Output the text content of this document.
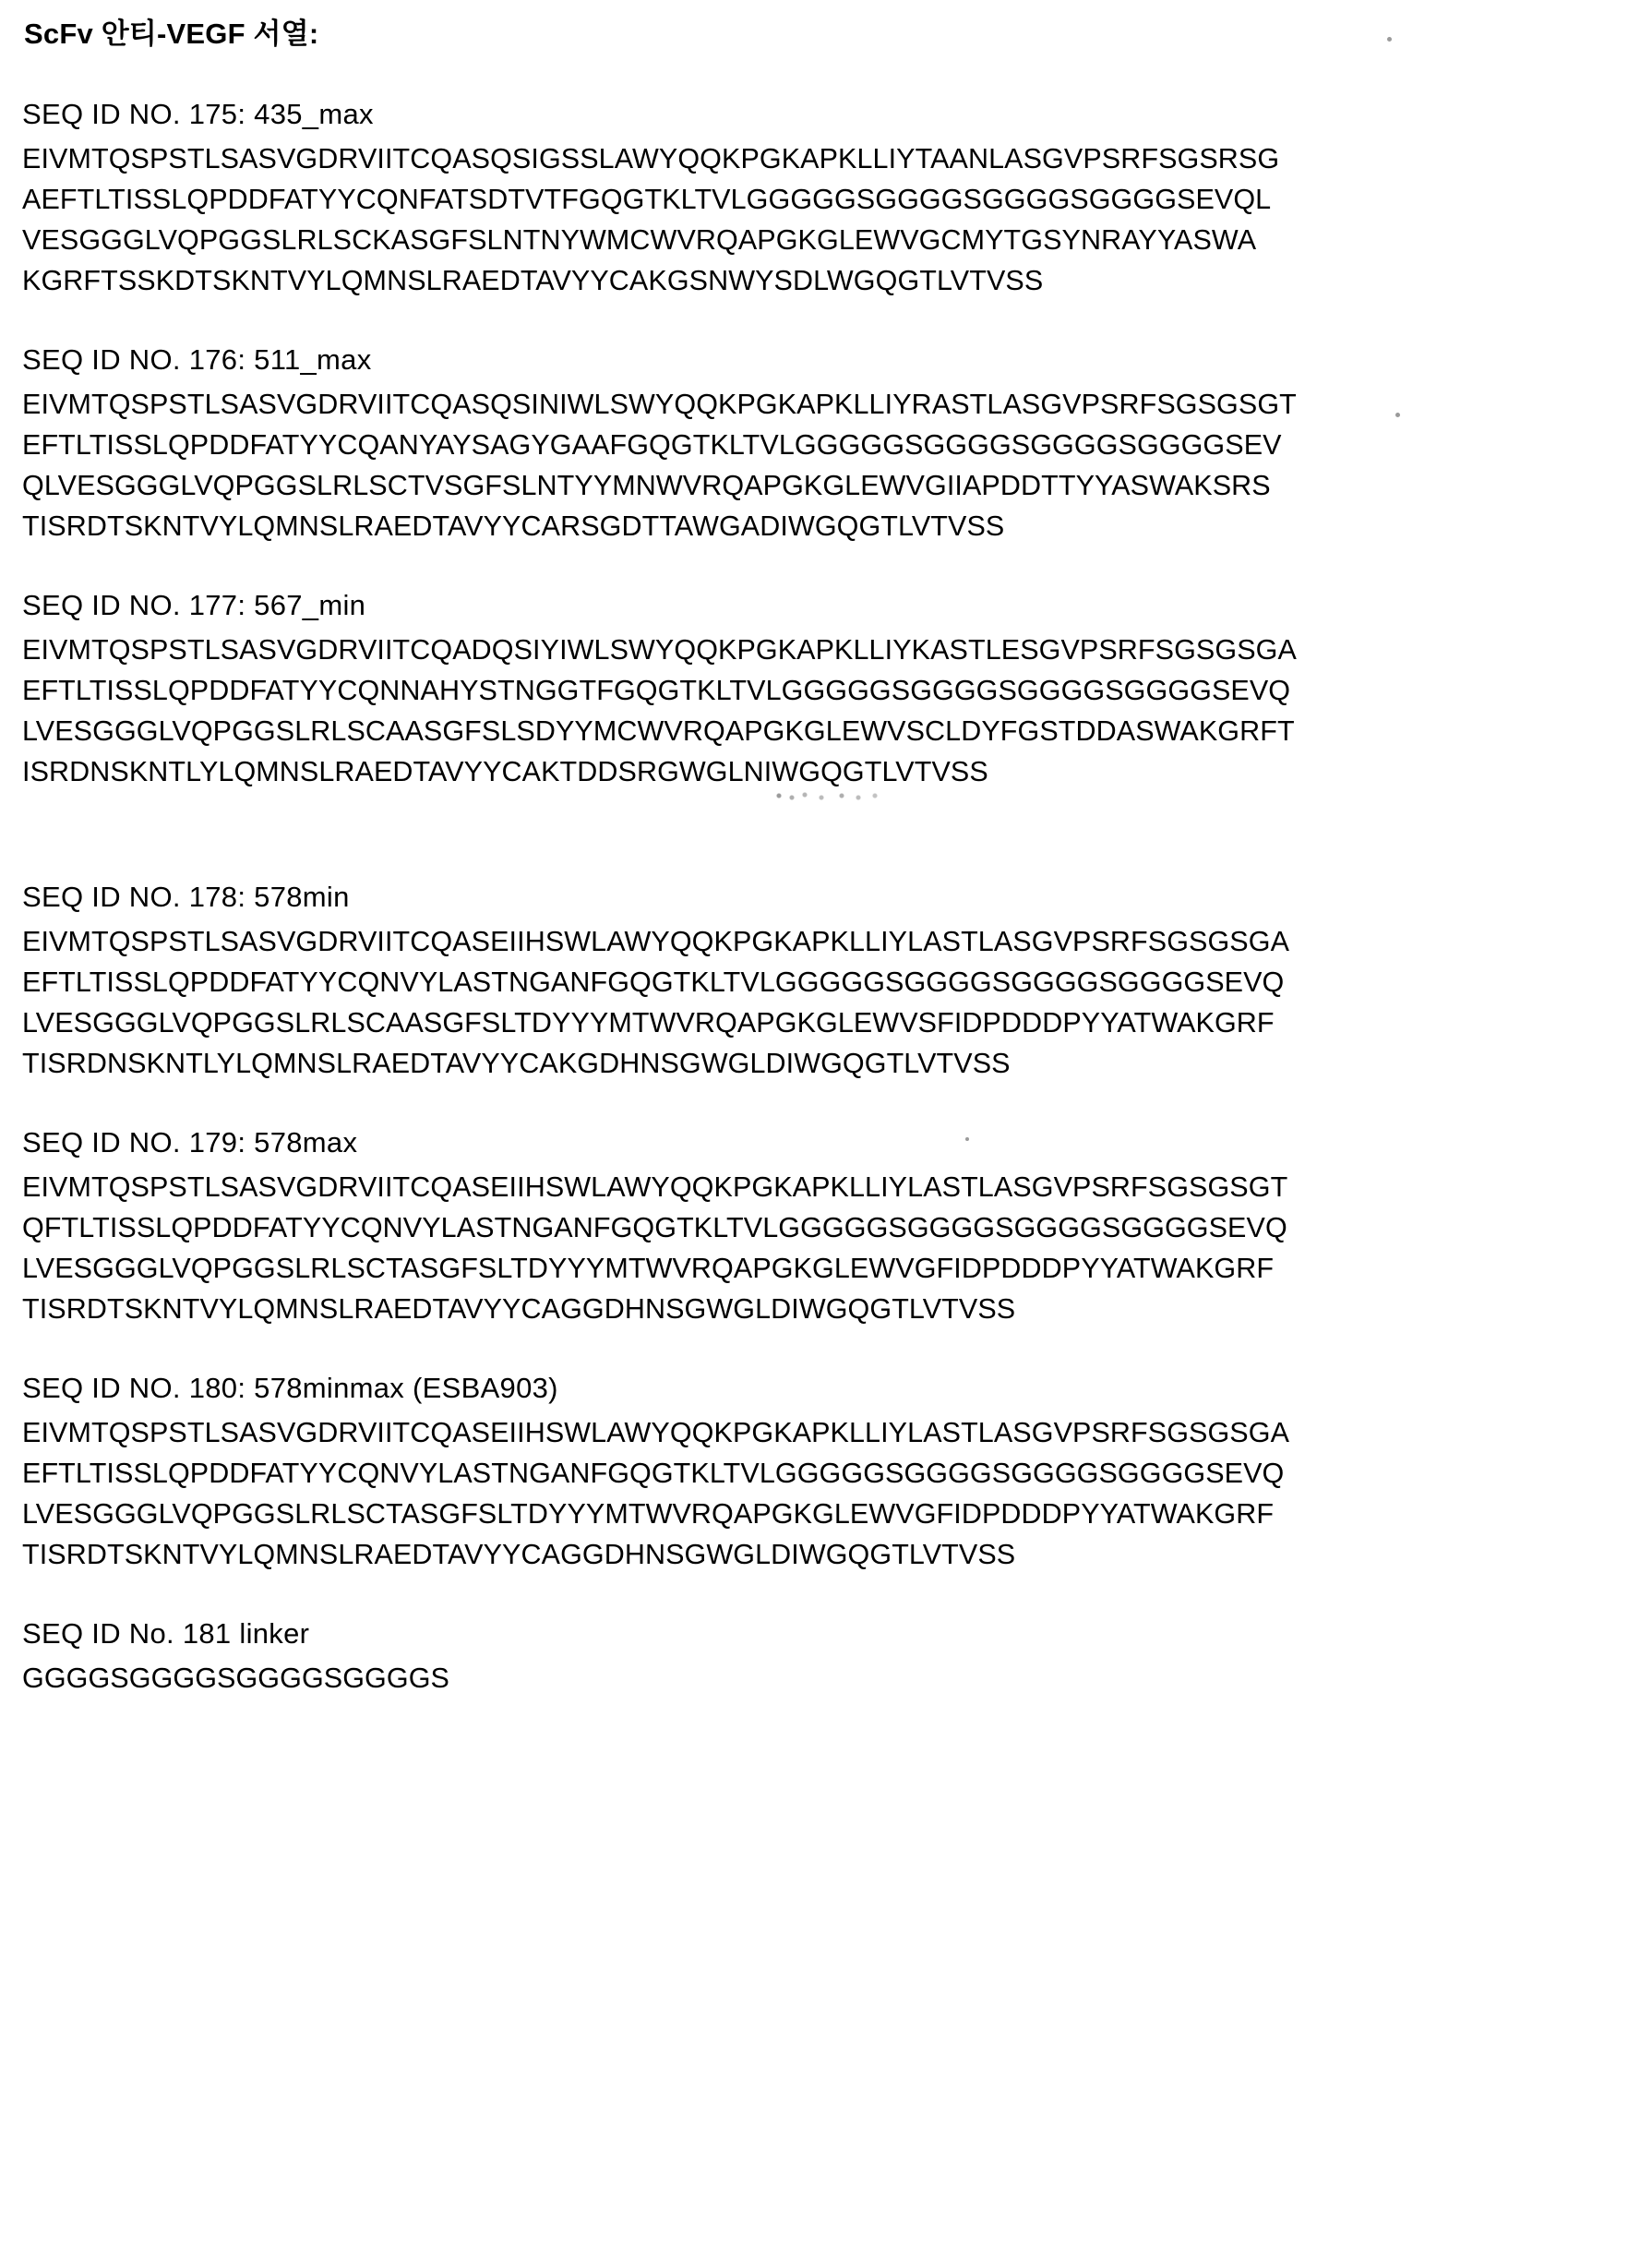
ScFv 안티-VEGF 서열:
SEQ ID NO. 175: 435_max
EIVMTQSPSTLSASVGDRVIITCQASQSIGSSLAWYQQKPGKAPKLLIYTAANLASGVPSRFSGSRSG
AEFTLTISSLQPDDFATYYCQNFATSDTVTFGQGTKLTVLGGGGGSGGGGSGGGGSGGGGSEVQL
VESGGGLVQPGGSLRLSCKASGFSLNTNYWMCWVRQAPGKGLEWVGCMYTGSYNRAYYASWA
KGRFTSSKDTSKNTVYLQMNSLRAEDTAVYYCAKGSNWYSDLWGQGTLVTVSS
SEQ ID NO. 176: 511_max
EIVMTQSPSTLSASVGDRVIITCQASQSINIWLSWYQQKPGKAPKLLIYRASTLASGVPSRFSGSGSGT
EFTLTISSLQPDDFATYYCQANYAYSAGYGAAFGQGTKLTVLGGGGGSGGGGSGGGGSGGGGSEV
QLVESGGGLVQPGGSLRLSCTVSGFSLNTYYMNWVRQAPGKGLEWVGIIAPDDTTYYASWAKSRS
TISRDTSKNTVYLQMNSLRAEDTAVYYCARSGDTTAWGADIWGQGTLVTVSS
SEQ ID NO. 177: 567_min
EIVMTQSPSTLSASVGDRVIITCQADQSIYIWLSWYQQKPGKAPKLLIYKASTLESGVPSRFSGSGSGA
EFTLTISSLQPDDFATYYCQNNAHYSTNGGTFGQGTKLTVLGGGGGSGGGGSGGGGSGGGGSEVQ
LVESGGGLVQPGGSLRLSCAASGFSLSDYYMCWVRQAPGKGLEWVSCLDYFGSTDDASWAKGRFT
ISRDNSKNTLYLQMNSLRAEDTAVYYCAKTDDSRGWGLNIWGQGTLVTVSS
SEQ ID NO. 178: 578min
EIVMTQSPSTLSASVGDRVIITCQASEIIHSWLAWYQQKPGKAPKLLIYLASTLASGVPSRFSGSGSGA
EFTLTISSLQPDDFATYYCQNVYLASTNGANFGQGTKLTVLGGGGGSGGGGSGGGGSGGGGSEVQ
LVESGGGLVQPGGSLRLSCAASGFSLTDYYYMTWVRQAPGKGLEWVSFIDPDDDPYYATWAKGRF
TISRDNSKNTLYLQMNSLRAEDTAVYYCAKGDHNSGWGLDIWGQGTLVTVSS
SEQ ID NO. 179: 578max
EIVMTQSPSTLSASVGDRVIITCQASEIIHSWLAWYQQKPGKAPKLLIYLASTLASGVPSRFSGSGSGT
QFTLTISSLQPDDFATYYCQNVYLASTNGANFGQGTKLTVLGGGGGSGGGGSGGGGSGGGGSEVQ
LVESGGGLVQPGGSLRLSCTASGFSLTDYYYMTWVRQAPGKGLEWVGFIDPDDDPYYATWAKGRF
TISRDTSKNTVYLQMNSLRAEDTAVYYCAGGDHNSGWGLDIWGQGTLVTVSS
SEQ ID NO. 180: 578minmax (ESBA903)
EIVMTQSPSTLSASVGDRVIITCQASEIIHSWLAWYQQKPGKAPKLLIYLASTLASGVPSRFSGSGSGA
EFTLTISSLQPDDFATYYCQNVYLASTNGANFGQGTKLTVLGGGGGSGGGGSGGGGSGGGGSEVQ
LVESGGGLVQPGGSLRLSCTASGFSLTDYYYMTWVRQAPGKGLEWVGFIDPDDDPYYATWAKGRF
TISRDTSKNTVYLQMNSLRAEDTAVYYCAGGDHNSGWGLDIWGQGTLVTVSS
SEQ ID No. 181 linker
GGGGSGGGGSGGGGSGGGGS
